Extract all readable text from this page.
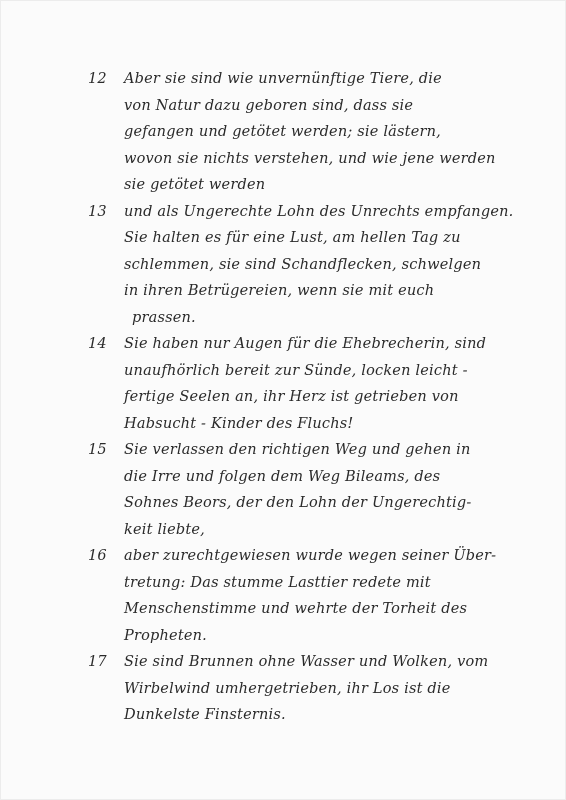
12	Aber sie sind wie unvernünftige Tiere, die
von Natur dazu geboren sind, dass sie
gefangen und getötet werden; sie lästern,
wovon sie nichts verstehen, und wie jene werden
sie getötet werden
13	und als Ungerechte Lohn des Unrechts empfangen.
Sie halten es für eine Lust, am hellen Tag zu
schlemmen, sie sind Schandflecken, schwelgen
in ihren Betrügereien, wenn sie mit euch
prassen.
14	Sie haben nur Augen für die Ehebrecherin, sind
unaufhörlich bereit zur Sünde, locken leicht -
fertige Seelen an, ihr Herz ist getrieben von
Habsucht - Kinder des Fluchs!
15	Sie verlassen den richtigen Weg und gehen in
die Irre und folgen dem Weg Bileams, des
Sohnes Beors, der den Lohn der Ungerechtig-
keit liebte,
16	aber zurechtgewiesen wurde wegen seiner Über-
tretung: Das stumme Lasttier redete mit
Menschenstimme und wehrte der Torheit des
Propheten.
17	Sie sind Brunnen ohne Wasser und Wolken, vom
Wirbelwind umhergetrieben, ihr Los ist die
Dunkelste Finsternis.
